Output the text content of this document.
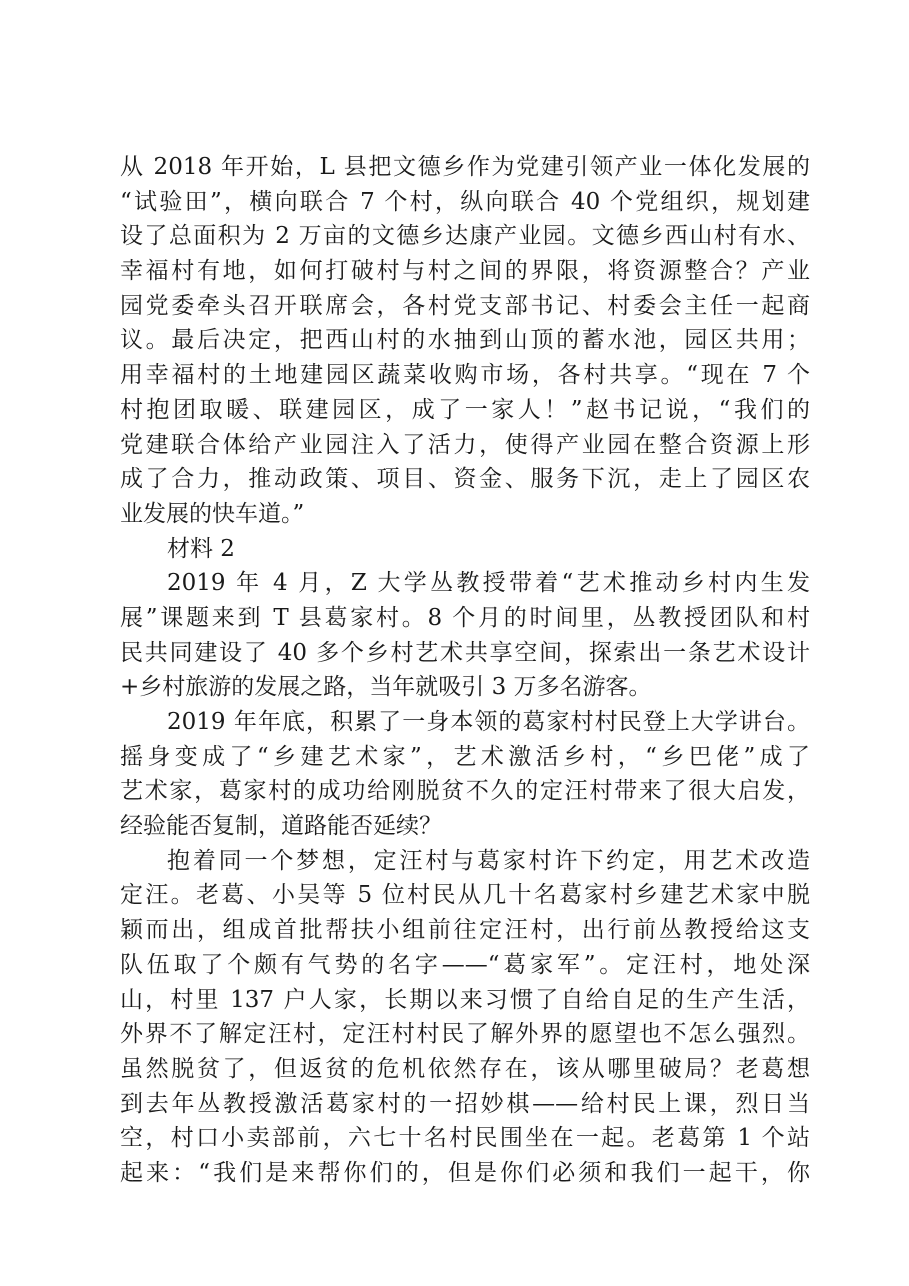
从 2018 年开始，L 县把文德乡作为党建引领产业一体化发展的
“试验田”，横向联合 7 个村，纵向联合 40 个党组织，规划建
设了总面积为 2 万亩的文德乡达康产业园。文德乡西山村有水、
幸福村有地，如何打破村与村之间的界限，将资源整合？产业
园党委牵头召开联席会，各村党支部书记、村委会主任一起商
议。最后决定，把西山村的水抽到山顶的蓄水池，园区共用；
用幸福村的土地建园区蔬菜收购市场，各村共享。“现在 7 个
村抱团取暖、联建园区，成了一家人！”赵书记说，“我们的
党建联合体给产业园注入了活力，使得产业园在整合资源上形
成了合力，推动政策、项目、资金、服务下沉，走上了园区农
业发展的快车道。”
材料 2
2019 年 4 月，Z 大学丛教授带着“艺术推动乡村内生发
展”课题来到 T 县葛家村。8 个月的时间里，丛教授团队和村
民共同建设了 40 多个乡村艺术共享空间，探索出一条艺术设计
+乡村旅游的发展之路，当年就吸引 3 万多名游客。
2019 年年底，积累了一身本领的葛家村村民登上大学讲台。
摇身变成了“乡建艺术家”，艺术激活乡村，“乡巴佬”成了
艺术家，葛家村的成功给刚脱贫不久的定汪村带来了很大启发，
经验能否复制，道路能否延续？
抱着同一个梦想，定汪村与葛家村许下约定，用艺术改造
定汪。老葛、小吴等 5 位村民从几十名葛家村乡建艺术家中脱
颖而出，组成首批帮扶小组前往定汪村，出行前丛教授给这支
队伍取了个颇有气势的名字——“葛家军”。定汪村，地处深
山，村里 137 户人家，长期以来习惯了自给自足的生产生活，
外界不了解定汪村，定汪村村民了解外界的愿望也不怎么强烈。
虽然脱贫了，但返贫的危机依然存在，该从哪里破局？老葛想
到去年丛教授激活葛家村的一招妙棋——给村民上课，烈日当
空，村口小卖部前，六七十名村民围坐在一起。老葛第 1 个站
起来：“我们是来帮你们的，但是你们必须和我们一起干，你
